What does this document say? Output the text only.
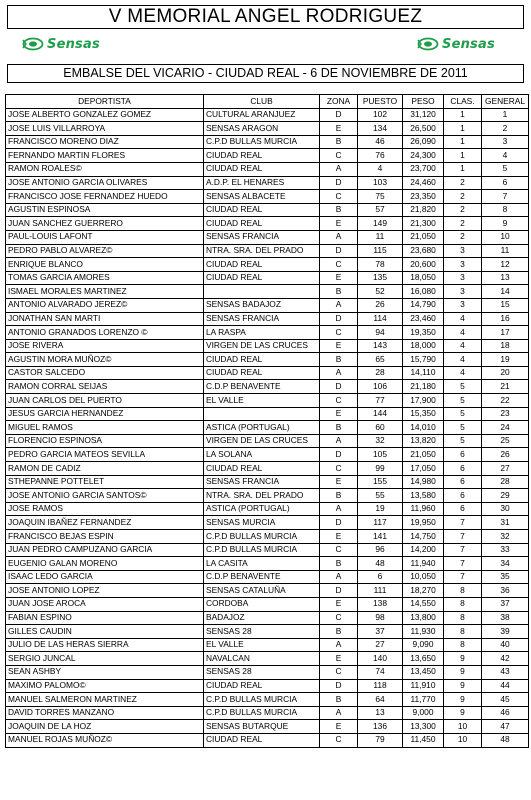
V MEMORIAL ANGEL RODRIGUEZ
Sensas	Sensas
EMBALSE DEL VICARIO - CIUDAD REAL - 6 DE NOVIEMBRE DE 2011
DEPORTISTA	CLUB	ZONA	PUESTO	PESO	CLAS.	GENERAL
JOSE ALBERTO GONZALEZ GOMEZ	CULTURAL ARANJUEZ	D	102	31,120	1	1
JOSE LUIS VILLARROYA	SENSAS ARAGON	E	134	26,500	1	2
FRANCISCO MORENO DIAZ	C.P.D BULLAS MURCIA	B	46	26,090	1	3
FERNANDO MARTIN FLORES	CIUDAD REAL	C	76	24,300	1	4
RAMON ROALES©	CIUDAD REAL	A	4	23,700	1	5
JOSE ANTONIO GARCIA OLIVARES	A.D.P. EL HENARES	D	103	24,460	2	6
FRANCISCO JOSE FERNANDEZ HUEDO	SENSAS ALBACETE	C	75	23,350	2	7
AGUSTIN ESPINOSA	CIUDAD REAL	B	57	21,820	2	8
JUAN SANCHEZ GUERRERO	CIUDAD REAL	E	149	21,300	2	9
PAUL-LOUIS LAFONT	SENSAS FRANCIA	A	11	21,050	2	10
PEDRO PABLO ALVAREZ©	NTRA. SRA. DEL PRADO	D	115	23,680	3	11
ENRIQUE BLANCO	CIUDAD REAL	C	78	20,600	3	12
TOMAS GARCIA AMORES	CIUDAD REAL	E	135	18,050	3	13
ISMAEL MORALES MARTINEZ		B	52	16,080	3	14
ANTONIO ALVARADO JEREZ©	SENSAS BADAJOZ	A	26	14,790	3	15
JONATHAN SAN MARTI	SENSAS FRANCIA	D	114	23,460	4	16
ANTONIO GRANADOS LORENZO ©	LA RASPA	C	94	19,350	4	17
JOSE RIVERA	VIRGEN DE LAS CRUCES	E	143	18,000	4	18
AGUSTIN MORA MUÑOZ©	CIUDAD REAL	B	65	15,790	4	19
CASTOR SALCEDO	CIUDAD REAL	A	28	14,110	4	20
RAMON CORRAL SEIJAS	C.D.P BENAVENTE	D	106	21,180	5	21
JUAN CARLOS DEL PUERTO	EL VALLE	C	77	17,900	5	22
JESUS GARCIA HERNANDEZ		E	144	15,350	5	23
MIGUEL RAMOS	ASTICA (PORTUGAL)	B	60	14,010	5	24
FLORENCIO ESPINOSA	VIRGEN DE LAS CRUCES	A	32	13,820	5	25
PEDRO GARCIA MATEOS SEVILLA	LA SOLANA	D	105	21,050	6	26
RAMON DE CADIZ	CIUDAD REAL	C	99	17,050	6	27
STHEPANNE POTTELET	SENSAS FRANCIA	E	155	14,980	6	28
JOSE ANTONIO GARCIA SANTOS©	NTRA. SRA. DEL PRADO	B	55	13,580	6	29
JOSE RAMOS	ASTICA (PORTUGAL)	A	19	11,960	6	30
JOAQUIN IBAÑEZ FERNANDEZ	SENSAS MURCIA	D	117	19,950	7	31
FRANCISCO BEJAS ESPIN	C.P.D BULLAS MURCIA	E	141	14,750	7	32
JUAN PEDRO CAMPUZANO GARCIA	C.P.D BULLAS MURCIA	C	96	14,200	7	33
EUGENIO GALAN MORENO	LA CASITA	B	48	11,940	7	34
ISAAC LEDO GARCIA	C.D.P BENAVENTE	A	6	10,050	7	35
JOSE ANTONIO LOPEZ	SENSAS CATALUÑA	D	111	18,270	8	36
JUAN JOSE AROCA	CORDOBA	E	138	14,550	8	37
FABIAN ESPINO	BADAJOZ	C	98	13,800	8	38
GILLES CAUDIN	SENSAS 28	B	37	11,930	8	39
JULIO DE LAS HERAS SIERRA	EL VALLE	A	27	9,090	8	40
SERGIO JUNCAL	NAVALCAN	E	140	13,650	9	42
SEAN ASHBY	SENSAS 28	C	74	13,450	9	43
MAXIMO PALOMO©	CIUDAD REAL	D	118	11,910	9	44
MANUEL SALMERON MARTINEZ	C.P.D BULLAS MURCIA	B	64	11,770	9	45
DAVID TORRES MANZANO	C.P.D BULLAS MURCIA	A	13	9,000	9	46
JOAQUIN DE LA HOZ	SENSAS BUTARQUE	E	136	13,300	10	47
MANUEL ROJAS MUÑOZ©	CIUDAD REAL	C	79	11,450	10	48
